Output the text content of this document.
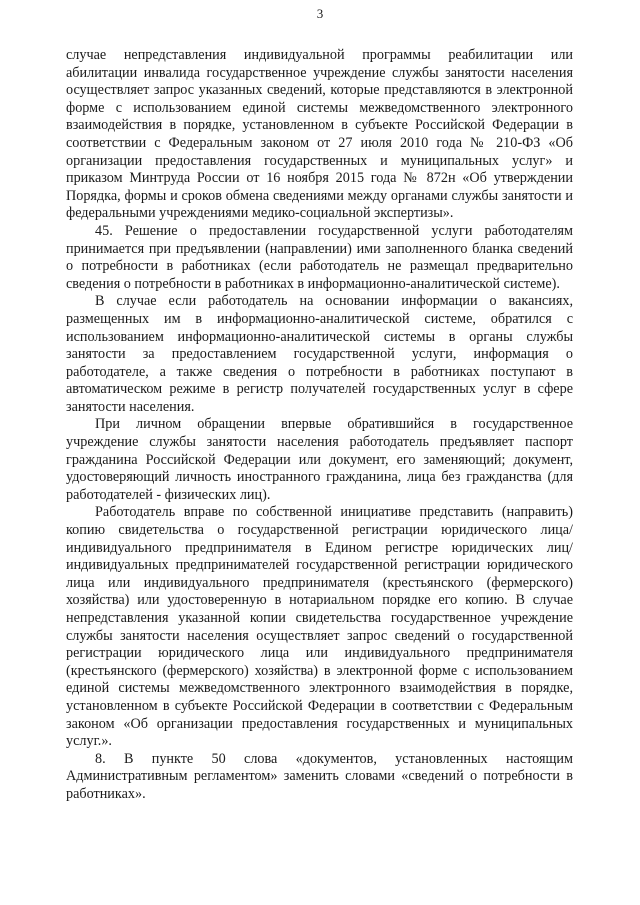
3

случае непредставления индивидуальной программы реабилитации или абилитации инвалида государственное учреждение службы занятости населения осуществляет запрос указанных сведений, которые представляются в электронной форме с использованием единой системы межведомственного электронного взаимодействия в порядке, установленном в субъекте Российской Федерации в соответствии с Федеральным законом от 27 июля 2010 года № 210-ФЗ «Об организации предоставления государственных и муниципальных услуг» и приказом Минтруда России от 16 ноября 2015 года № 872н «Об утверждении Порядка, формы и сроков обмена сведениями между органами службы занятости и федеральными учреждениями медико-социальной экспертизы».

45. Решение о предоставлении государственной услуги работодателям принимается при предъявлении (направлении) ими заполненного бланка сведений о потребности в работниках (если работодатель не размещал предварительно сведения о потребности в работниках в информационно-аналитической системе).

В случае если работодатель на основании информации о вакансиях, размещенных им в информационно-аналитической системе, обратился с использованием информационно-аналитической системы в органы службы занятости за предоставлением государственной услуги, информация о работодателе, а также сведения о потребности в работниках поступают в автоматическом режиме в регистр получателей государственных услуг в сфере занятости населения.

При личном обращении впервые обратившийся в государственное учреждение службы занятости населения работодатель предъявляет паспорт гражданина Российской Федерации или документ, его заменяющий; документ, удостоверяющий личность иностранного гражданина, лица без гражданства (для работодателей - физических лиц).

Работодатель вправе по собственной инициативе представить (направить) копию свидетельства о государственной регистрации юридического лица/индивидуального предпринимателя в Едином регистре юридических лиц/индивидуальных предпринимателей государственной регистрации юридического лица или индивидуального предпринимателя (крестьянского (фермерского) хозяйства) или удостоверенную в нотариальном порядке его копию. В случае непредставления указанной копии свидетельства государственное учреждение службы занятости населения осуществляет запрос сведений о государственной регистрации юридического лица или индивидуального предпринимателя (крестьянского (фермерского) хозяйства) в электронной форме с использованием единой системы межведомственного электронного взаимодействия в порядке, установленном в субъекте Российской Федерации в соответствии с Федеральным законом «Об организации предоставления государственных и муниципальных услуг.».

8. В пункте 50 слова «документов, установленных настоящим Административным регламентом» заменить словами «сведений о потребности в работниках».
